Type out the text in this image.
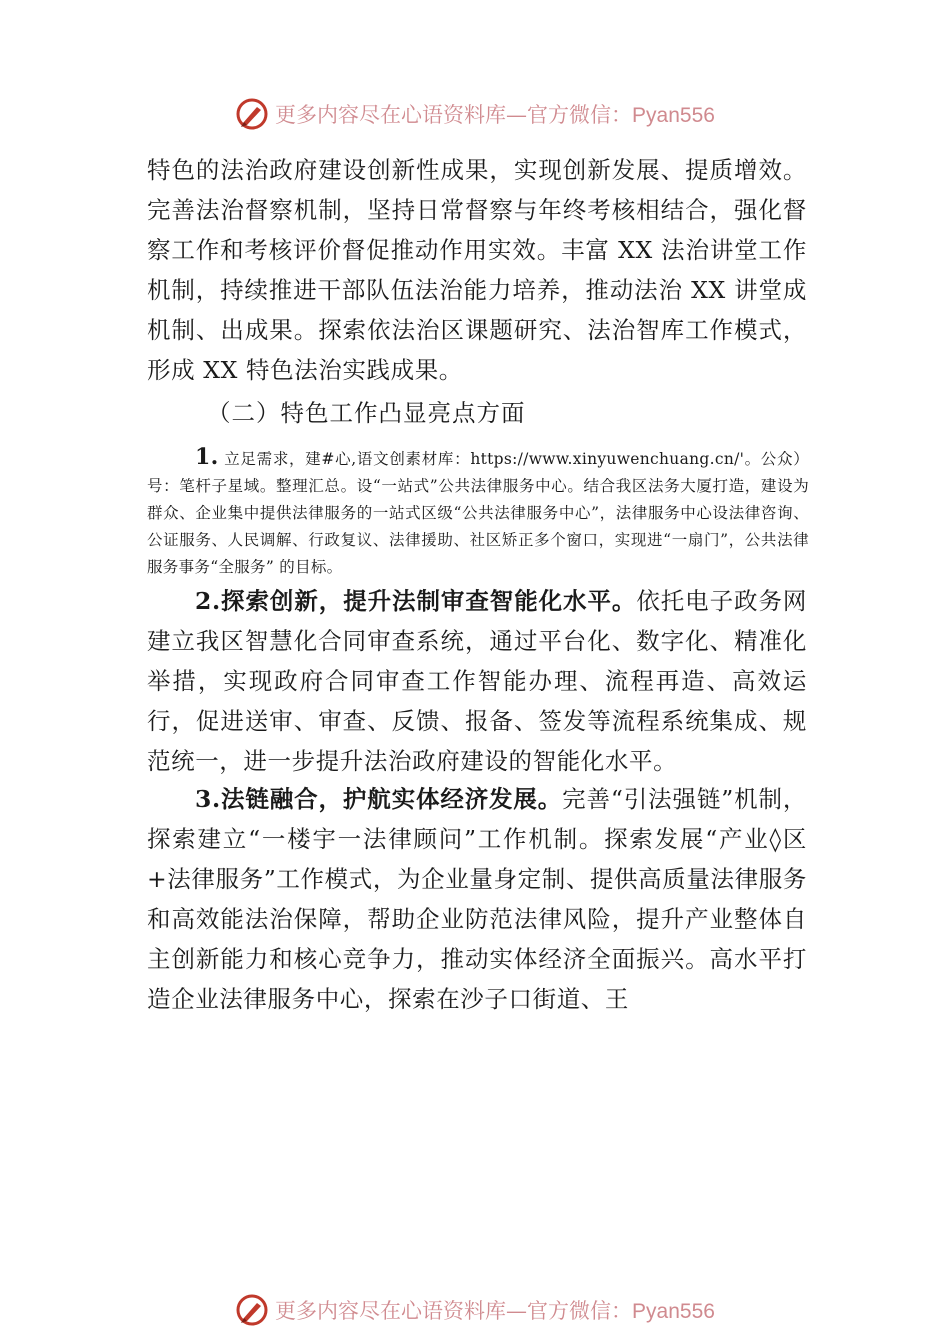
更多内容尽在心语资料库—官方微信：Pyan556
特色的法治政府建设创新性成果，实现创新发展、提质增效。完善法治督察机制，坚持日常督察与年终考核相结合，强化督察工作和考核评价督促推动作用实效。丰富 XX 法治讲堂工作机制，持续推进干部队伍法治能力培养，推动法治 XX 讲堂成机制、出成果。探索依法治区课题研究、法治智库工作模式，形成 XX 特色法治实践成果。
（二）特色工作凸显亮点方面
1. 立足需求，建#心,语文创素材库：https://www.xinyuwenchuang.cn/'。公众）号：笔杆子星域。整理汇总。设“一站式”公共法律服务中心。结合我区法务大厦打造，建设为群众、企业集中提供法律服务的一站式区级“公共法律服务中心”，法律服务中心设法律咨询、公证服务、人民调解、行政复议、法律援助、社区矫正多个窗口，实现进“一扇门”，公共法律服务事务“全服务” 的目标。
2.探索创新，提升法制审查智能化水平。依托电子政务网建立我区智慧化合同审查系统，通过平台化、数字化、精准化举措，实现政府合同审查工作智能办理、流程再造、高效运行，促进送审、审查、反馈、报备、签发等流程系统集成、规范统一，进一步提升法治政府建设的智能化水平。
3.法链融合，护航实体经济发展。完善“引法强链”机制，探索建立“一楼宇一法律顾问”工作机制。探索发展“产业◊区+法律服务”工作模式，为企业量身定制、提供高质量法律服务和高效能法治保障，帮助企业防范法律风险，提升产业整体自主创新能力和核心竞争力，推动实体经济全面振兴。高水平打造企业法律服务中心，探索在沙子口街道、王
更多内容尽在心语资料库—官方微信：Pyan556
